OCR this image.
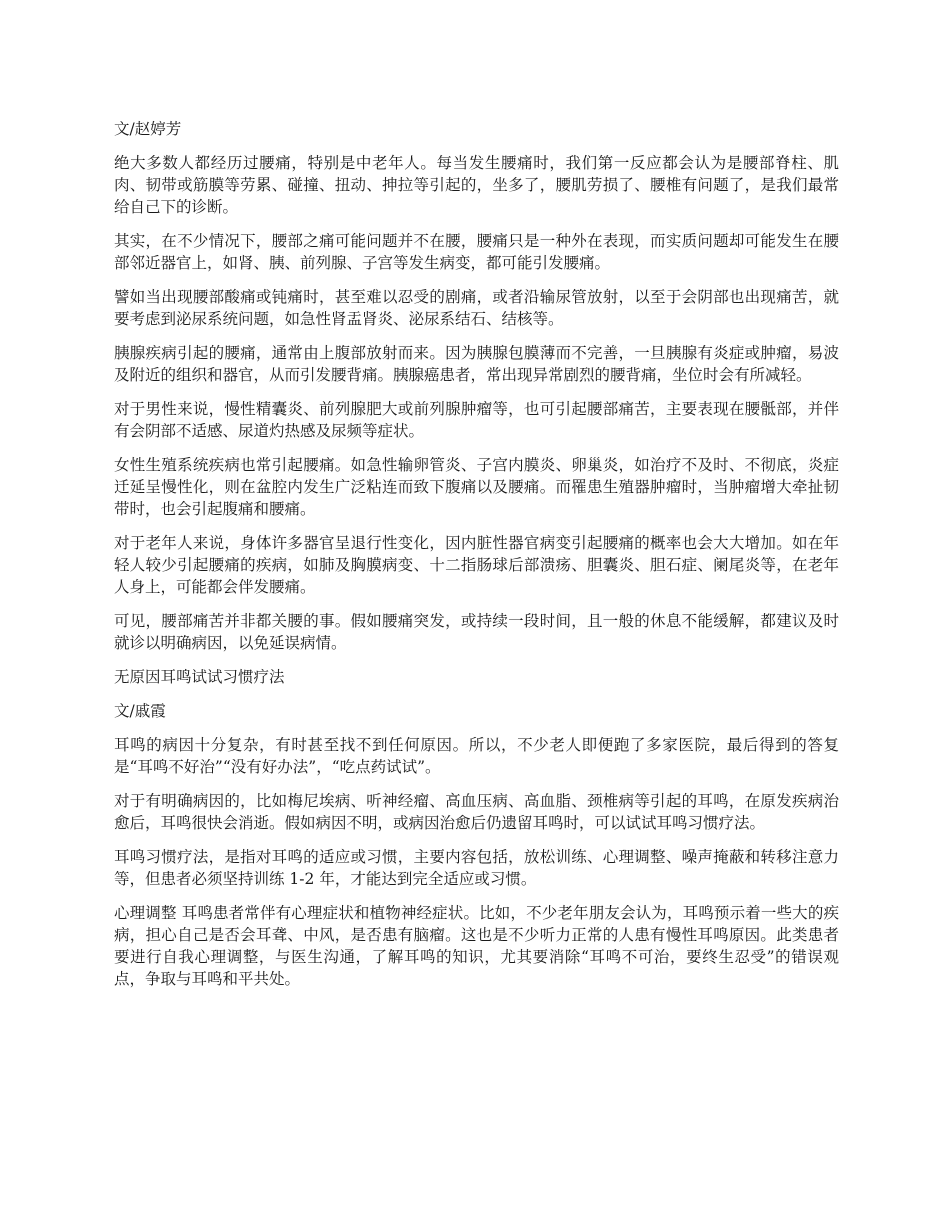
文/赵婷芳

绝大多数人都经历过腰痛，特别是中老年人。每当发生腰痛时，我们第一反应都会认为是腰部脊柱、肌肉、韧带或筋膜等劳累、碰撞、扭动、抻拉等引起的，坐多了，腰肌劳损了、腰椎有问题了，是我们最常给自己下的诊断。

其实，在不少情况下，腰部之痛可能问题并不在腰，腰痛只是一种外在表现，而实质问题却可能发生在腰部邻近器官上，如肾、胰、前列腺、子宫等发生病变，都可能引发腰痛。

譬如当出现腰部酸痛或钝痛时，甚至难以忍受的剧痛，或者沿输尿管放射，以至于会阴部也出现痛苦，就要考虑到泌尿系统问题，如急性肾盂肾炎、泌尿系结石、结核等。

胰腺疾病引起的腰痛，通常由上腹部放射而来。因为胰腺包膜薄而不完善，一旦胰腺有炎症或肿瘤，易波及附近的组织和器官，从而引发腰背痛。胰腺癌患者，常出现异常剧烈的腰背痛，坐位时会有所减轻。

对于男性来说，慢性精囊炎、前列腺肥大或前列腺肿瘤等，也可引起腰部痛苦，主要表现在腰骶部，并伴有会阴部不适感、尿道灼热感及尿频等症状。

女性生殖系统疾病也常引起腰痛。如急性输卵管炎、子宫内膜炎、卵巢炎，如治疗不及时、不彻底，炎症迁延呈慢性化，则在盆腔内发生广泛粘连而致下腹痛以及腰痛。而罹患生殖器肿瘤时，当肿瘤增大牵扯韧带时，也会引起腹痛和腰痛。

对于老年人来说，身体许多器官呈退行性变化，因内脏性器官病变引起腰痛的概率也会大大增加。如在年轻人较少引起腰痛的疾病，如肺及胸膜病变、十二指肠球后部溃疡、胆囊炎、胆石症、阑尾炎等，在老年人身上，可能都会伴发腰痛。

可见，腰部痛苦并非都关腰的事。假如腰痛突发，或持续一段时间，且一般的休息不能缓解，都建议及时就诊以明确病因，以免延误病情。

无原因耳鸣试试习惯疗法

文/戚霞

耳鸣的病因十分复杂，有时甚至找不到任何原因。所以，不少老人即便跑了多家医院，最后得到的答复是“耳鸣不好治”“没有好办法”，“吃点药试试”。

对于有明确病因的，比如梅尼埃病、听神经瘤、高血压病、高血脂、颈椎病等引起的耳鸣，在原发疾病治愈后，耳鸣很快会消逝。假如病因不明，或病因治愈后仍遗留耳鸣时，可以试试耳鸣习惯疗法。

耳鸣习惯疗法，是指对耳鸣的适应或习惯，主要内容包括，放松训练、心理调整、噪声掩蔽和转移注意力等，但患者必须坚持训练 1-2 年，才能达到完全适应或习惯。

心理调整 耳鸣患者常伴有心理症状和植物神经症状。比如，不少老年朋友会认为，耳鸣预示着一些大的疾病，担心自己是否会耳聋、中风，是否患有脑瘤。这也是不少听力正常的人患有慢性耳鸣原因。此类患者要进行自我心理调整，与医生沟通，了解耳鸣的知识，尤其要消除“耳鸣不可治，要终生忍受”的错误观点，争取与耳鸣和平共处。
